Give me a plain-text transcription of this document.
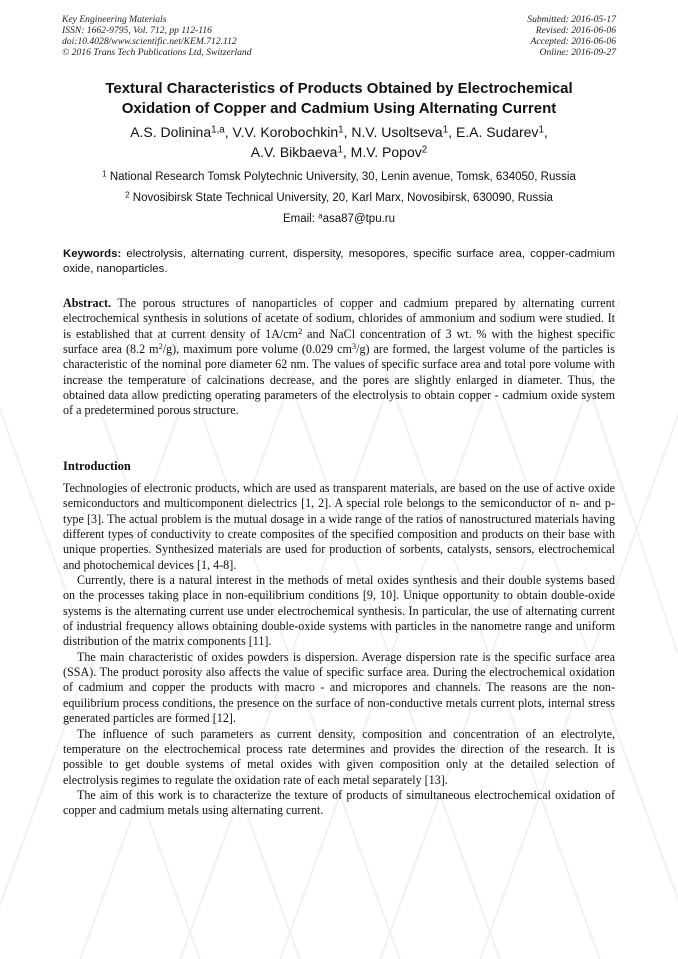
Key Engineering Materials
ISSN: 1662-9795, Vol. 712, pp 112-116
doi:10.4028/www.scientific.net/KEM.712.112
© 2016 Trans Tech Publications Ltd, Switzerland
Submitted: 2016-05-17
Revised: 2016-06-06
Accepted: 2016-06-06
Online: 2016-09-27
Textural Characteristics of Products Obtained by Electrochemical
Oxidation of Copper and Cadmium Using Alternating Current
A.S. Dolinina$^{1,a}$, V.V. Korobochkin$^1$, N.V. Usoltseva$^1$, E.A. Sudarev$^1$,
A.V. Bikbaeva$^1$, M.V. Popov$^2$
$^1$ National Research Tomsk Polytechnic University, 30, Lenin avenue, Tomsk, 634050, Russia
$^2$ Novosibirsk State Technical University, 20, Karl Marx, Novosibirsk, 630090, Russia
Email: $^a$asa87@tpu.ru
Keywords: electrolysis, alternating current, dispersity, mesopores, specific surface area, copper-cadmium oxide, nanoparticles.
Abstract. The porous structures of nanoparticles of copper and cadmium prepared by alternating current electrochemical synthesis in solutions of acetate of sodium, chlorides of ammonium and sodium were studied. It is established that at current density of $1A/cm^2$ and NaCl concentration of 3 wt. % with the highest specific surface area (8.2 $m^2/g$), maximum pore volume (0.029 $cm^3/g$) are formed, the largest volume of the particles is characteristic of the nominal pore diameter 62 nm. The values of specific surface area and total pore volume with increase the temperature of calcinations decrease, and the pores are slightly enlarged in diameter. Thus, the obtained data allow predicting operating parameters of the electrolysis to obtain copper - cadmium oxide system of a predetermined porous structure.
Introduction

Technologies of electronic products, which are used as transparent materials, are based on the use of active oxide semiconductors and multicomponent dielectrics [1, 2]. A special role belongs to the semiconductor of n- and p-type [3]. The actual problem is the mutual dosage in a wide range of the ratios of nanostructured materials having different types of conductivity to create composites of the specified composition and products on their base with unique properties. Synthesized materials are used for production of sorbents, catalysts, sensors, electrochemical and photochemical devices [1, 4-8].

Currently, there is a natural interest in the methods of metal oxides synthesis and their double systems based on the processes taking place in non-equilibrium conditions [9, 10]. Unique opportunity to obtain double-oxide systems is the alternating current use under electrochemical synthesis. In particular, the use of alternating current of industrial frequency allows obtaining double-oxide systems with particles in the nanometre range and uniform distribution of the matrix components [11].

The main characteristic of oxides powders is dispersion. Average dispersion rate is the specific surface area (SSA). The product porosity also affects the value of specific surface area. During the electrochemical oxidation of cadmium and copper the products with macro - and micropores and channels. The reasons are the non-equilibrium process conditions, the presence on the surface of non-conductive metals current plots, internal stress generated particles are formed [12].

The influence of such parameters as current density, composition and concentration of an electrolyte, temperature on the electrochemical process rate determines and provides the direction of the research. It is possible to get double systems of metal oxides with given composition only at the detailed selection of electrolysis regimes to regulate the oxidation rate of each metal separately [13].

The aim of this work is to characterize the texture of products of simultaneous electrochemical oxidation of copper and cadmium metals using alternating current.
